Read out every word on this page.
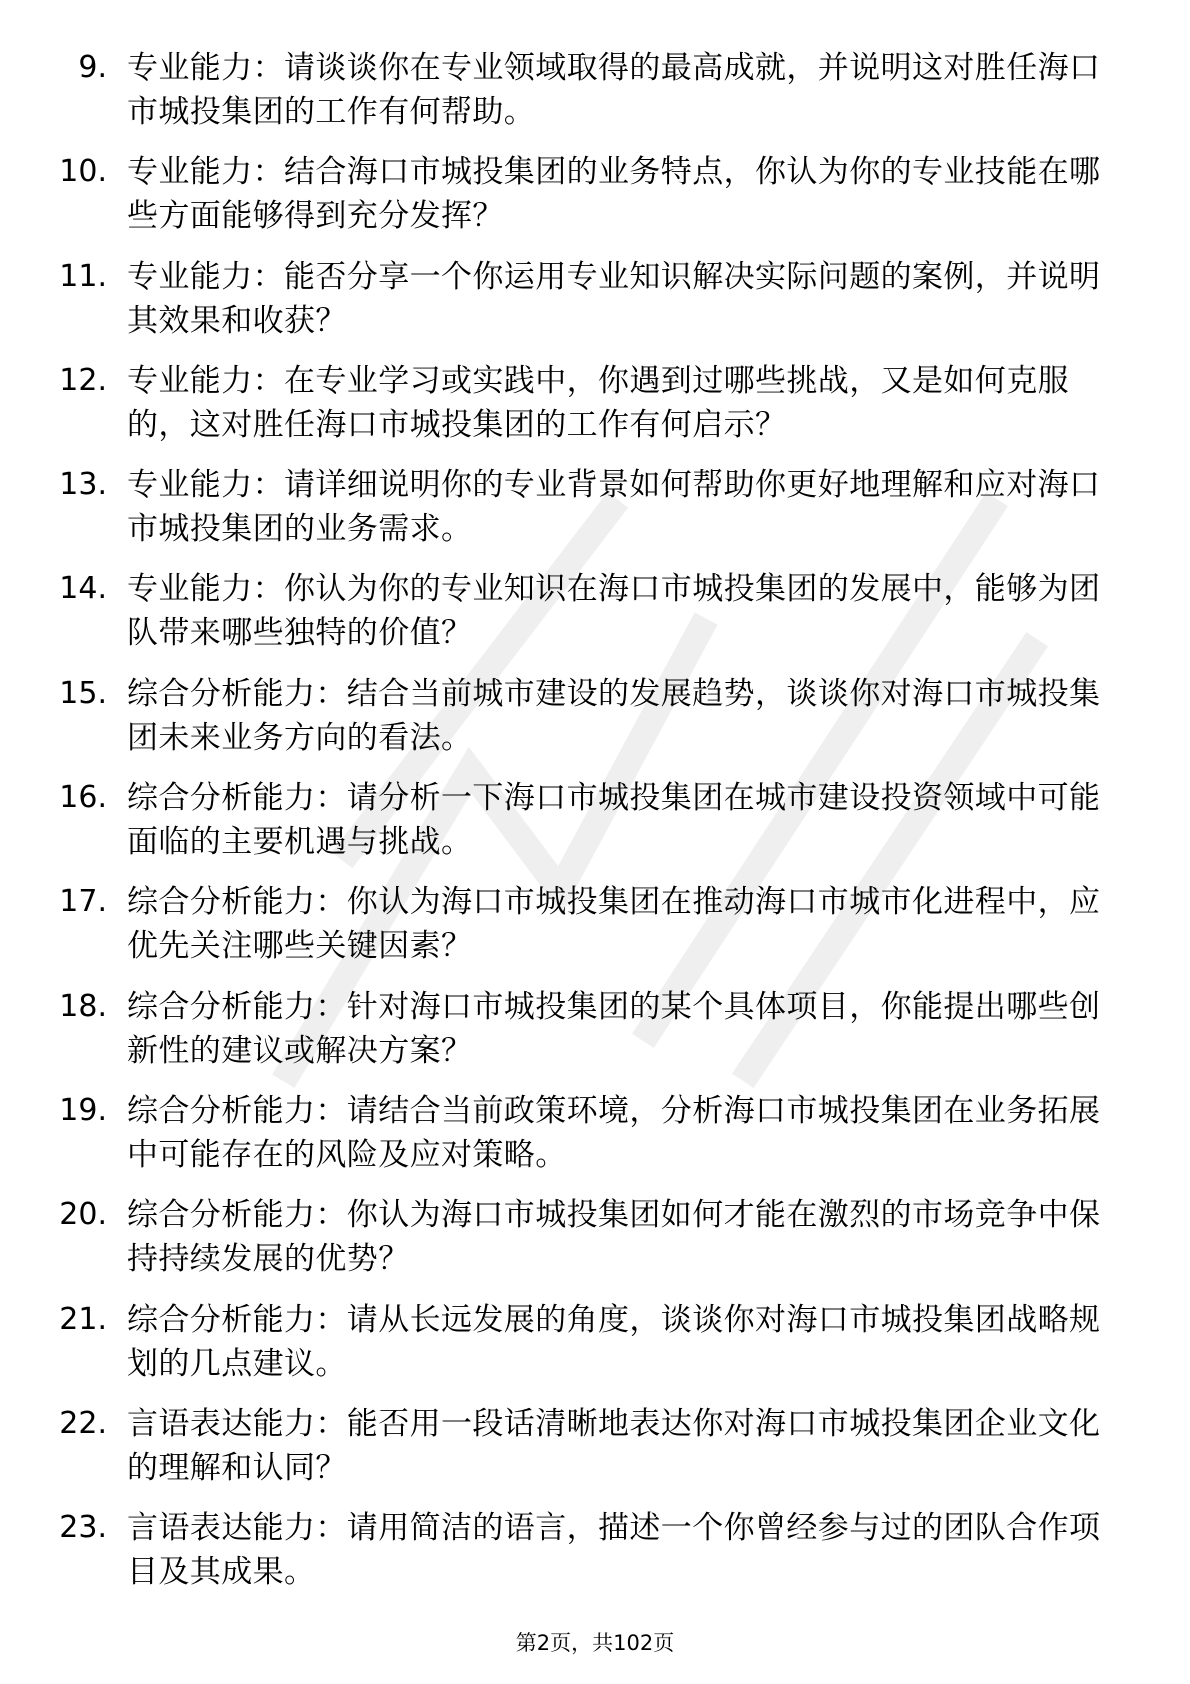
9. 专业能力：请谈谈你在专业领域取得的最高成就，并说明这对胜任海口市城投集团的工作有何帮助。
10. 专业能力：结合海口市城投集团的业务特点，你认为你的专业技能在哪些方面能够得到充分发挥？
11. 专业能力：能否分享一个你运用专业知识解决实际问题的案例，并说明其效果和收获？
12. 专业能力：在专业学习或实践中，你遇到过哪些挑战，又是如何克服的，这对胜任海口市城投集团的工作有何启示？
13. 专业能力：请详细说明你的专业背景如何帮助你更好地理解和应对海口市城投集团的业务需求。
14. 专业能力：你认为你的专业知识在海口市城投集团的发展中，能够为团队带来哪些独特的价值？
15. 综合分析能力：结合当前城市建设的发展趋势，谈谈你对海口市城投集团未来业务方向的看法。
16. 综合分析能力：请分析一下海口市城投集团在城市建设投资领域中可能面临的主要机遇与挑战。
17. 综合分析能力：你认为海口市城投集团在推动海口市城市化进程中，应优先关注哪些关键因素？
18. 综合分析能力：针对海口市城投集团的某个具体项目，你能提出哪些创新性的建议或解决方案？
19. 综合分析能力：请结合当前政策环境，分析海口市城投集团在业务拓展中可能存在的风险及应对策略。
20. 综合分析能力：你认为海口市城投集团如何才能在激烈的市场竞争中保持持续发展的优势？
21. 综合分析能力：请从长远发展的角度，谈谈你对海口市城投集团战略规划的几点建议。
22. 言语表达能力：能否用一段话清晰地表达你对海口市城投集团企业文化的理解和认同？
23. 言语表达能力：请用简洁的语言，描述一个你曾经参与过的团队合作项目及其成果。
第2页，共102页
